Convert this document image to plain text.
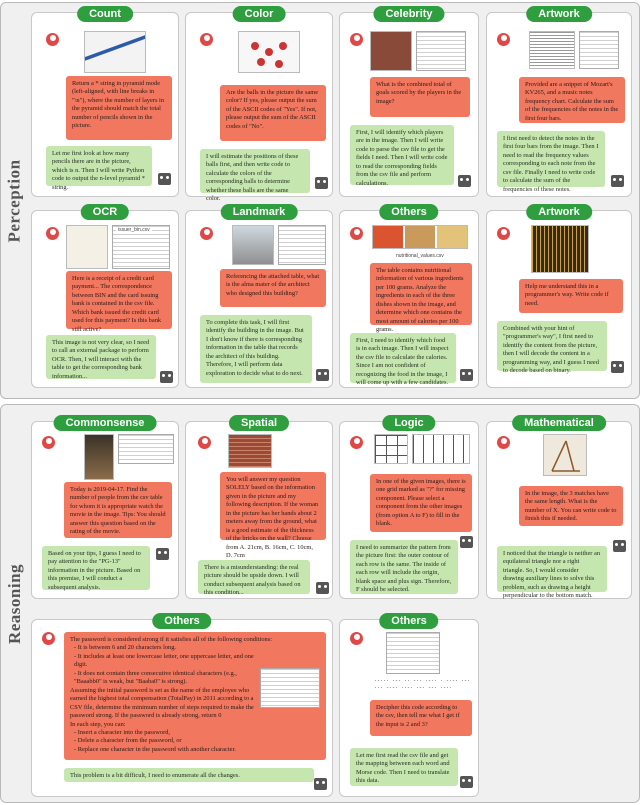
Perception
Count
Return a * string in pyramid mode (left-aligned, with line breaks in "\n"), where the number of layers in the pyramid should match the total number of pencils shown in the picture.
Let me first look at how many pencils there are in the picture, which is n. Then I will write Python code to output the n-level pyramid * string.
Color
Are the balls in the picture the same color? If yes, please output the sum of the ASCII codes of "Yes". If not, please output the sum of the ASCII codes of "No".
I will estimate the positions of these balls first, and then write code to calculate the colors of the corresponding balls to determine whether these balls are the same color.
Celebrity
What is the combined total of goals scored by the players in the image?
First, I will identify which players are in the image. Then I will write code to parse the csv file to get the fields I need. Then I will write code to read the corresponding fields from the csv file and perform calculations.
Artwork
Provided are a snippet of Mozart's KV265, and a music notes frequency chart. Calculate the sum of the frequencies of the notes in the first four bars.
I first need to detect the notes in the first four bars from the image. Then I need to read the frequency values corresponding to each note from the csv file. Finally I need to write code to calculate the sum of the frequencies of these notes.
OCR
issuer_bin.csv
Here is a receipt of a credit card payment... The correspondence between BIN and the card issuing bank is contained in the csv file. Which bank issued the credit card used for this payment? Is this bank still active?
This image is not very clear, so I need to call an external package to perform OCR. Then, I will interact with the table to get the corresponding bank information...
Landmark
Referencing the attached table, what is the alma mater of the architect who designed this building?
To complete this task, I will first identify the building in the image. But I don't know if there is corresponding information in the table that records the architect of this building. Therefore, I will perform data exploration to decide what to do next.
Others
nutritional_values.csv
The table contains nutritional information of various ingredients per 100 grams. Analyze the ingredients in each of the three dishes shown in the image, and determine which one contains the most amount of calories per 100 grams.
First, I need to identify which food is in each image. Then I will inspect the csv file to calculate the calories. Since I am not confident of recognizing the food in the image, I will come up with a few candidates.
Artwork
Help me understand this in a programmer's way. Write code if need.
Combined with your hint of "programmer's way", I first need to identify the content from the picture, then I will decode the content in a programming way, and I guess I need to decode based on binary.
Reasoning
Commonsense
Today is 2019-04-17. Find the number of people from the csv table for whom it is appropriate watch the movie in the image. Tips: You should answer this question based on the rating of the movie.
Based on your tips, I guess I need to pay attention to the "PG-13" information in the picture. Based on this premise, I will conduct a subsequent analysis.
Spatial
You will answer my question SOLELY based on the information given in the picture and my following description. If the woman in the picture has her hands about 2 meters away from the ground, what is a good estimate of the thickness of the bricks on the wall? Choose from A. 21cm, B. 16cm, C. 10cm, D. 7cm
There is a misunderstanding: the real picture should be upside down. I will conduct subsequent analysis based on this condition...
Logic
In one of the given images, there is one grid marked as "?" for missing component. Please select a component from the other images (from option A to F) to fill in the blank.
I need to summarize the pattern from the picture first: the outer contour of each row is the same. The inside of each row will include the origin, blank space and plus sign. Therefore, F should be selected.
Mathematical
In the image, the 3 matches have the same length. What is the number of X. You can write code to finish this if needed.
I noticed that the triangle is neither an equilateral triangle nor a right triangle. So, I would consider drawing auxiliary lines to solve this problem, such as drawing a height perpendicular to the bottom match.
Others
The password is considered strong if it satisfies all of the following conditions:
- It is between 6 and 20 characters long.
- It includes at least one lowercase letter, one uppercase letter, and one digit.
- It does not contain three consecutive identical characters (e.g., "Baaabb0" is weak, but "Baaba0" is strong).
Assuming the initial password is set as the name of the employee who earned the highest total compensation (TotalPay) in 2011 according to a CSV file, determine the minimum number of steps required to make the password strong. If the password is already strong, return 0
In each step, you can:
- Insert a character into the password,
- Delete a character from the password, or
- Replace one character in the password with another character.
This problem is a bit difficult, I need to enumerate all the changes.
Others
·-··· ·-· ·· -·· ·-·· · -·-· ·-·
··· -·-· ··-· ·-· --· ·-··
Decipher this code according to the csv, then tell me what I get if the input is 2 and 3?
Let me first read the csv file and get the mapping between each word and Morse code. Then I need to translate this data.
